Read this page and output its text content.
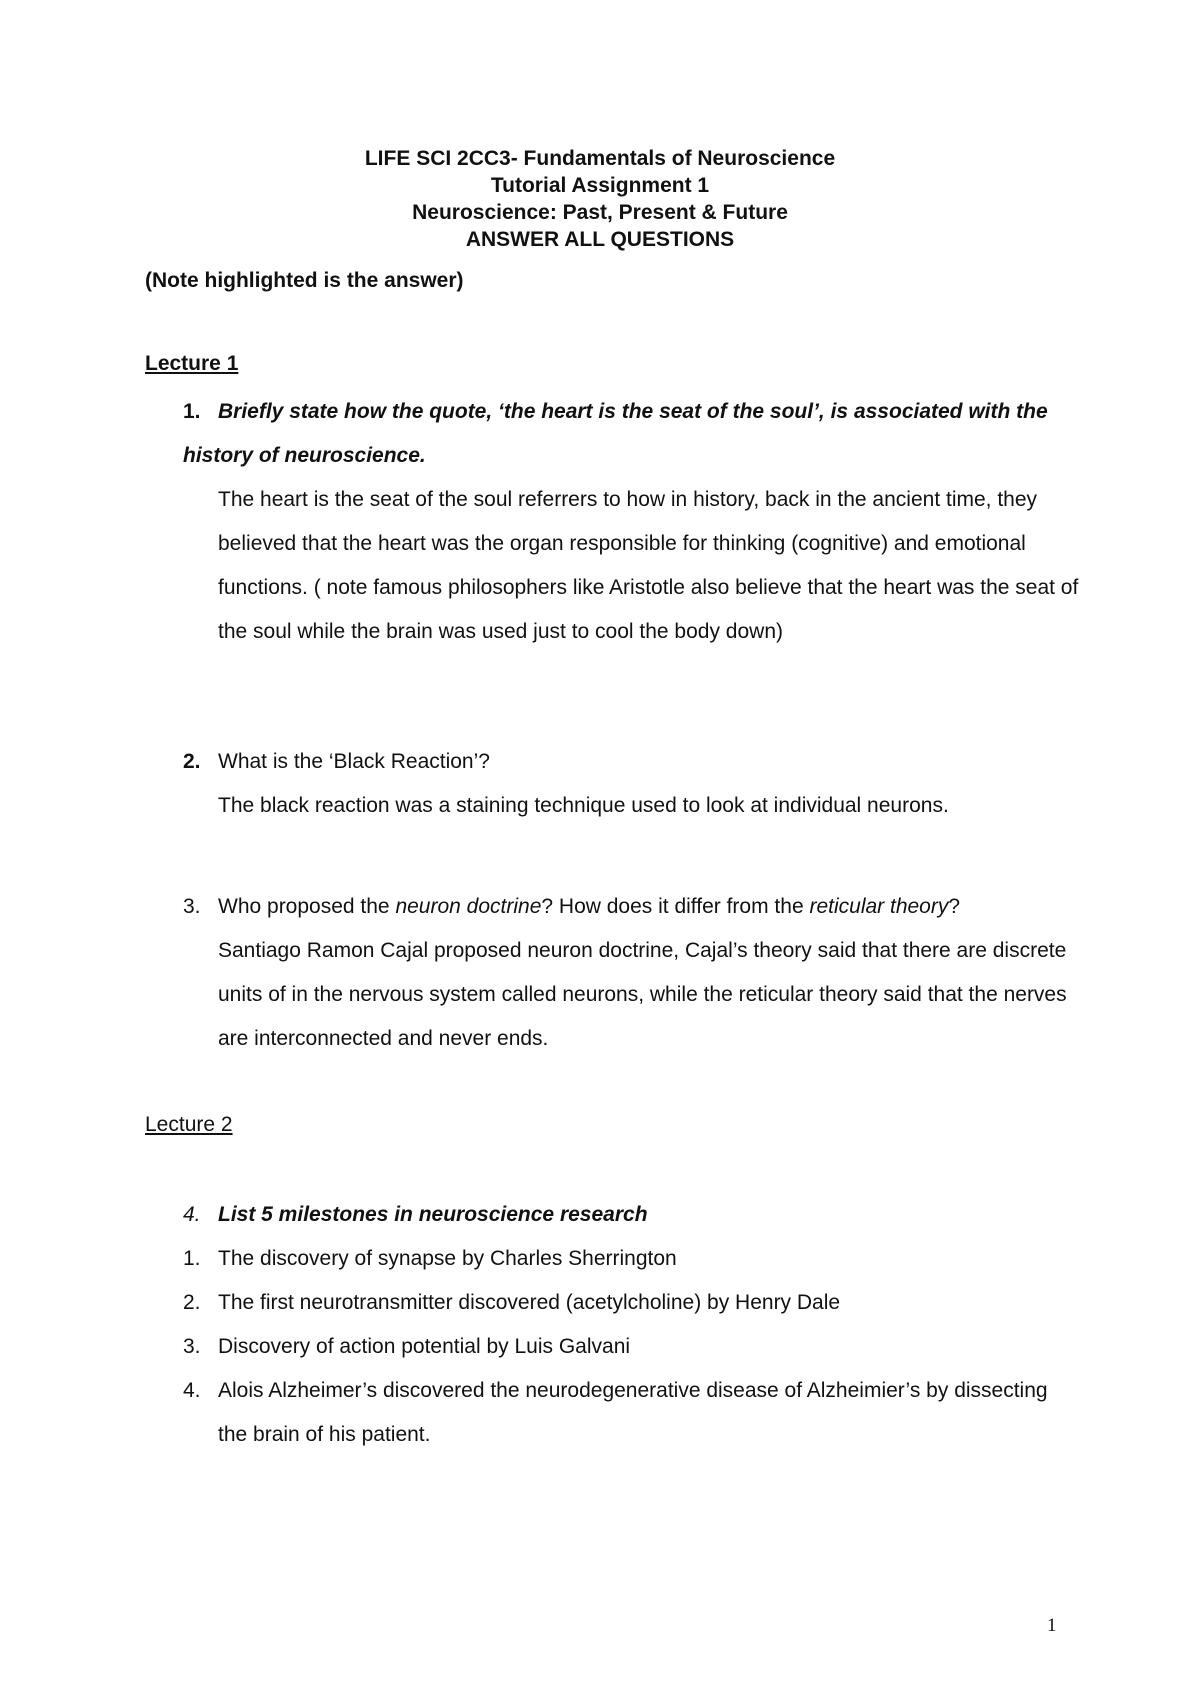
LIFE SCI 2CC3- Fundamentals of Neuroscience
Tutorial Assignment 1
Neuroscience: Past, Present & Future
ANSWER ALL QUESTIONS
(Note highlighted is the answer)
Lecture 1
1. Briefly state how the quote, ‘the heart is the seat of the soul’, is associated with the history of neuroscience.
The heart is the seat of the soul referrers to how in history, back in the ancient time, they believed that the heart was the organ responsible for thinking (cognitive) and emotional functions. ( note famous philosophers like Aristotle also believe that the heart was the seat of the soul while the brain was used just to cool the body down)
2. What is the ‘Black Reaction’?
The black reaction was a staining technique used to look at individual neurons.
3. Who proposed the neuron doctrine? How does it differ from the reticular theory?
Santiago Ramon Cajal proposed neuron doctrine, Cajal’s theory said that there are discrete units of in the nervous system called neurons, while the reticular theory said that the nerves are interconnected and never ends.
Lecture 2
4. List 5 milestones in neuroscience research
1. The discovery of synapse by Charles Sherrington
2. The first neurotransmitter discovered (acetylcholine) by Henry Dale
3. Discovery of action potential by Luis Galvani
4. Alois Alzheimer’s discovered the neurodegenerative disease of Alzheimier’s by dissecting the brain of his patient.
1
